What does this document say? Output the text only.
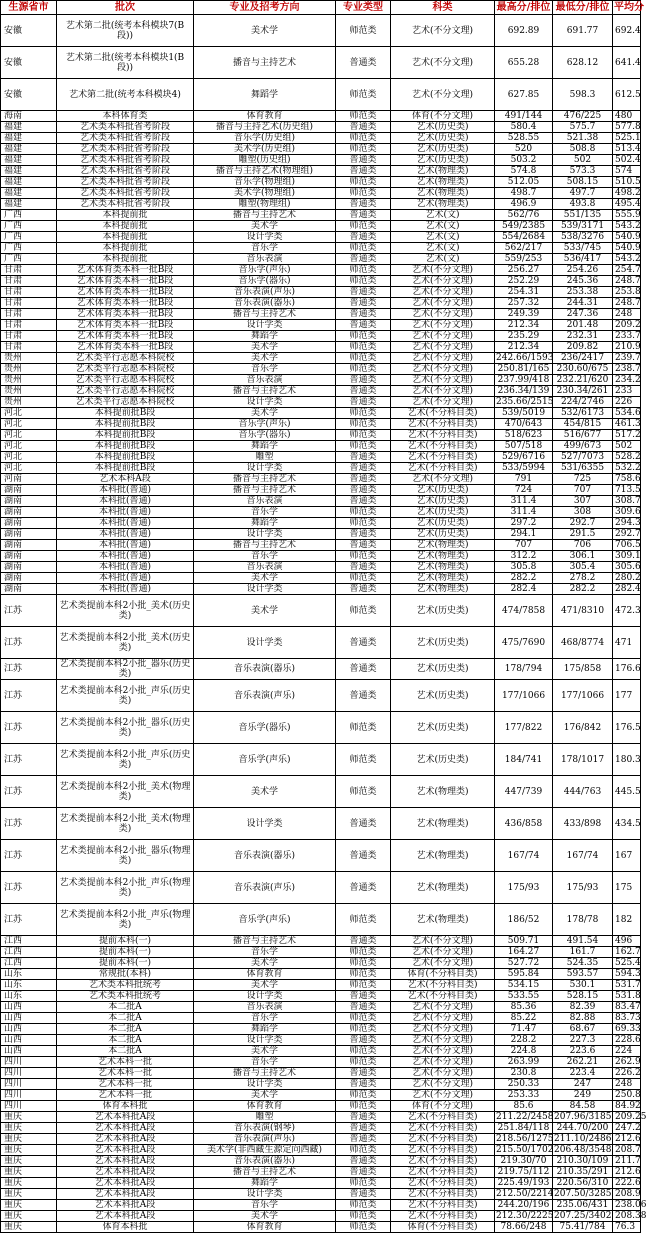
生源省市	批次	专业及招考方向	专业类型	科类	最高分/排位	最低分/排位	平均分
安徽	艺术第二批(统考本科模块7(B段))	美术学	师范类	艺术(不分文理)	692.89	691.77	692.4
安徽	艺术第二批(统考本科模块1(B段))	播音与主持艺术	普通类	艺术(不分文理)	655.28	628.12	641.4
安徽	艺术第二批(统考本科模块4)	舞蹈学	师范类	艺术(不分文理)	627.85	598.3	612.5
海南	本科体育类	体育教育	师范类	体育(不分文理)	491/144	476/225	480
福建	艺术类本科批省考阶段	播音与主持艺术(历史组)	普通类	艺术(历史类)	580.4	575.7	577.8
福建	艺术类本科批省考阶段	音乐学(历史组)	师范类	艺术(历史类)	528.55	521.38	525.1
福建	艺术类本科批省考阶段	美术学(历史组)	师范类	艺术(历史类)	520	508.8	513.4
福建	艺术类本科批省考阶段	雕塑(历史组)	普通类	艺术(历史类)	503.2	502	502.4
福建	艺术类本科批省考阶段	播音与主持艺术(物理组)	普通类	艺术(物理类)	574.8	573.3	574
福建	艺术类本科批省考阶段	音乐学(物理组)	师范类	艺术(物理类)	512.05	508.15	510.5
福建	艺术类本科批省考阶段	美术学(物理组)	师范类	艺术(物理类)	498.7	497.7	498.2
福建	艺术类本科批省考阶段	雕塑(物理组)	普通类	艺术(物理类)	496.9	493.8	495.4
广西	本科提前批	播音与主持艺术	普通类	艺术(文)	562/76	551/135	555.9
广西	本科提前批	美术学	师范类	艺术(文)	549/2385	539/3171	543.2
广西	本科提前批	设计学类	普通类	艺术(文)	554/2684	538/3276	540.9
广西	本科提前批	音乐学	师范类	艺术(文)	562/217	533/745	540.9
广西	本科提前批	音乐表演	普通类	艺术(文)	559/253	536/417	543.2
甘肃	艺术体育类本科一批B段	音乐学(声乐)	师范类	艺术(不分文理)	256.27	254.26	254.7
甘肃	艺术体育类本科一批B段	音乐学(器乐)	师范类	艺术(不分文理)	252.29	245.36	248.7
甘肃	艺术体育类本科一批B段	音乐表演(声乐)	普通类	艺术(不分文理)	254.31	253.38	253.8
甘肃	艺术体育类本科一批B段	音乐表演(器乐)	普通类	艺术(不分文理)	257.32	244.31	248.7
甘肃	艺术体育类本科一批B段	播音与主持艺术	普通类	艺术(不分文理)	249.39	247.36	248
甘肃	艺术体育类本科一批B段	设计学类	普通类	艺术(不分文理)	212.34	201.48	209.2
甘肃	艺术体育类本科一批B段	舞蹈学	师范类	艺术(不分文理)	235.29	232.31	233.7
甘肃	艺术体育类本科一批B段	美术学	师范类	艺术(不分文理)	212.34	209.82	210.9
贵州	艺术类平行志愿本科院校	美术学	师范类	艺术(不分文理)	242.66/1593	236/2417	239.7
贵州	艺术类平行志愿本科院校	音乐学	师范类	艺术(不分文理)	250.81/165	230.60/675	238.7
贵州	艺术类平行志愿本科院校	音乐表演	普通类	艺术(不分文理)	237.99/418	232.21/620	234.2
贵州	艺术类平行志愿本科院校	播音与主持艺术	普通类	艺术(不分文理)	236.34/139	230.34/261	233
贵州	艺术类平行志愿本科院校	设计学类	普通类	艺术(不分文理)	235.66/2515	224/2746	226
河北	本科提前批B段	美术学	师范类	艺术(不分科目类)	539/5019	532/6173	534.6
河北	本科提前批B段	音乐学(声乐)	师范类	艺术(不分科目类)	470/643	454/815	461.3
河北	本科提前批B段	音乐学(器乐)	师范类	艺术(不分科目类)	518/623	516/677	517.2
河北	本科提前批B段	舞蹈学	师范类	艺术(不分科目类)	507/518	499/673	502
河北	本科提前批B段	雕塑	普通类	艺术(不分科目类)	529/6716	527/7073	528.2
河北	本科提前批B段	设计学类	普通类	艺术(不分科目类)	533/5994	531/6355	532.2
河南	艺术本科A段	播音与主持艺术	普通类	艺术(不分文理)	791	725	758.6
湖南	本科批(普通)	播音与主持艺术	普通类	艺术(历史类)	724	707	713.5
湖南	本科批(普通)	音乐表演	普通类	艺术(历史类)	311.4	307	308.7
湖南	本科批(普通)	音乐学	师范类	艺术(历史类)	311.4	308	309.6
湖南	本科批(普通)	舞蹈学	师范类	艺术(历史类)	297.2	292.7	294.3
湖南	本科批(普通)	设计学类	普通类	艺术(历史类)	294.1	291.5	292.7
湖南	本科批(普通)	播音与主持艺术	普通类	艺术(物理类)	707	706	706.5
湖南	本科批(普通)	音乐学	师范类	艺术(物理类)	312.2	306.1	309.1
湖南	本科批(普通)	音乐表演	普通类	艺术(物理类)	305.8	305.4	305.6
湖南	本科批(普通)	美术学	师范类	艺术(物理类)	282.2	278.2	280.2
湖南	本科批(普通)	设计学类	普通类	艺术(物理类)	282.4	282.2	282.4
江苏	艺术类提前本科2小批_美术(历史类)	美术学	师范类	艺术(历史类)	474/7858	471/8310	472.3
江苏	艺术类提前本科2小批_美术(历史类)	设计学类	普通类	艺术(历史类)	475/7690	468/8774	471
江苏	艺术类提前本科2小批_器乐(历史类)	音乐表演(器乐)	普通类	艺术(历史类)	178/794	175/858	176.6
江苏	艺术类提前本科2小批_声乐(历史类)	音乐表演(声乐)	普通类	艺术(历史类)	177/1066	177/1066	177
江苏	艺术类提前本科2小批_器乐(历史类)	音乐学(器乐)	师范类	艺术(历史类)	177/822	176/842	176.5
江苏	艺术类提前本科2小批_声乐(历史类)	音乐学(声乐)	师范类	艺术(历史类)	184/741	178/1017	180.3
江苏	艺术类提前本科2小批_美术(物理类)	美术学	师范类	艺术(物理类)	447/739	444/763	445.5
江苏	艺术类提前本科2小批_美术(物理类)	设计学类	普通类	艺术(物理类)	436/858	433/898	434.5
江苏	艺术类提前本科2小批_器乐(物理类)	音乐表演(器乐)	普通类	艺术(物理类)	167/74	167/74	167
江苏	艺术类提前本科2小批_声乐(物理类)	音乐表演(声乐)	普通类	艺术(物理类)	175/93	175/93	175
江苏	艺术类提前本科2小批_声乐(物理类)	音乐学(声乐)	师范类	艺术(物理类)	186/52	178/78	182
江西	提前本科(一)	播音与主持艺术	普通类	艺术(不分文理)	509.71	491.54	496
江西	提前本科(一)	音乐学	师范类	艺术(不分文理)	164.27	161.7	162.7
江西	提前本科(一)	美术学	师范类	艺术(不分文理)	527.72	524.35	525.4
山东	常规批(本科)	体育教育	师范类	体育(不分科目类)	595.84	593.57	594.3
山东	艺术类本科批统考	美术学	师范类	艺术(不分科目类)	534.15	530.1	531.7
山东	艺术类本科批统考	设计学类	普通类	艺术(不分科目类)	533.55	528.15	531.8
山西	本二批A	音乐表演	普通类	艺术(不分文理)	85.36	82.39	83.47
山西	本二批A	音乐学	师范类	艺术(不分文理)	85.22	82.88	83.73
山西	本二批A	舞蹈学	师范类	艺术(不分文理)	71.47	68.67	69.33
山西	本二批A	设计学类	普通类	艺术(不分文理)	228.2	227.3	228.6
山西	本二批A	美术学	师范类	艺术(不分文理)	224.8	223.6	224
四川	艺术本科一批	音乐学	师范类	艺术(不分文理)	263.99	262.21	262.9
四川	艺术本科一批	播音与主持艺术	普通类	艺术(不分文理)	230.8	223.4	226.2
四川	艺术本科一批	设计学类	普通类	艺术(不分文理)	250.33	247	248
四川	艺术本科一批	美术学	师范类	艺术(不分文理)	253.33	249	250.8
四川	体育本科批	体育教育	师范类	体育(不分文理)	85.6	84.58	84.92
重庆	艺术本科批A段	雕塑	普通类	艺术(不分科目类)	211.22/2458	207.96/3185	209.25
重庆	艺术本科批A段	音乐表演(钢琴)	普通类	艺术(不分科目类)	251.84/118	244.70/200	247.2
重庆	艺术本科批A段	音乐表演(声乐)	普通类	艺术(不分科目类)	218.56/1275	211.10/2486	212.6
重庆	艺术本科批A段	美术学(非西藏生源定向西藏)	师范类	艺术(不分科目类)	215.50/1702	206.48/3548	208.7
重庆	艺术本科批A段	音乐表演(器乐)	普通类	艺术(不分科目类)	219.30/70	210.30/109	211.7
重庆	艺术本科批A段	播音与主持艺术	普通类	艺术(不分科目类)	219.75/112	210.35/291	212.6
重庆	艺术本科批A段	舞蹈学	师范类	艺术(不分科目类)	225.49/193	220.56/310	222.6
重庆	艺术本科批A段	设计学类	普通类	艺术(不分科目类)	212.50/2214	207.50/3285	208.9
重庆	艺术本科批A段	音乐学	师范类	艺术(不分科目类)	244.20/196	235.06/431	238.06
重庆	艺术本科批A段	美术学	师范类	艺术(不分科目类)	212.30/2225	207.25/3402	208.38
重庆	体育本科批	体育教育	师范类	体育(不分科目类)	78.66/248	75.41/784	76.3
